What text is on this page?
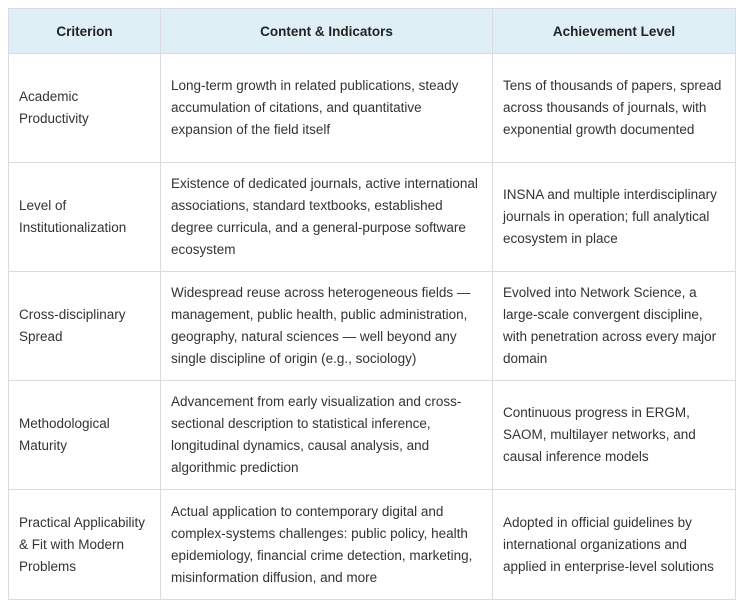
Criterion	Content & Indicators	Achievement Level
Academic Productivity	Long-term growth in related publications, steady accumulation of citations, and quantitative expansion of the field itself	Tens of thousands of papers, spread across thousands of journals, with exponential growth documented
Level of Institutionalization	Existence of dedicated journals, active international associations, standard textbooks, established degree curricula, and a general-purpose software ecosystem	INSNA and multiple interdisciplinary journals in operation; full analytical ecosystem in place
Cross-disciplinary Spread	Widespread reuse across heterogeneous fields — management, public health, public administration, geography, natural sciences — well beyond any single discipline of origin (e.g., sociology)	Evolved into Network Science, a large-scale convergent discipline, with penetration across every major domain
Methodological Maturity	Advancement from early visualization and cross-sectional description to statistical inference, longitudinal dynamics, causal analysis, and algorithmic prediction	Continuous progress in ERGM, SAOM, multilayer networks, and causal inference models
Practical Applicability & Fit with Modern Problems	Actual application to contemporary digital and complex-systems challenges: public policy, health epidemiology, financial crime detection, marketing, misinformation diffusion, and more	Adopted in official guidelines by international organizations and applied in enterprise-level solutions
